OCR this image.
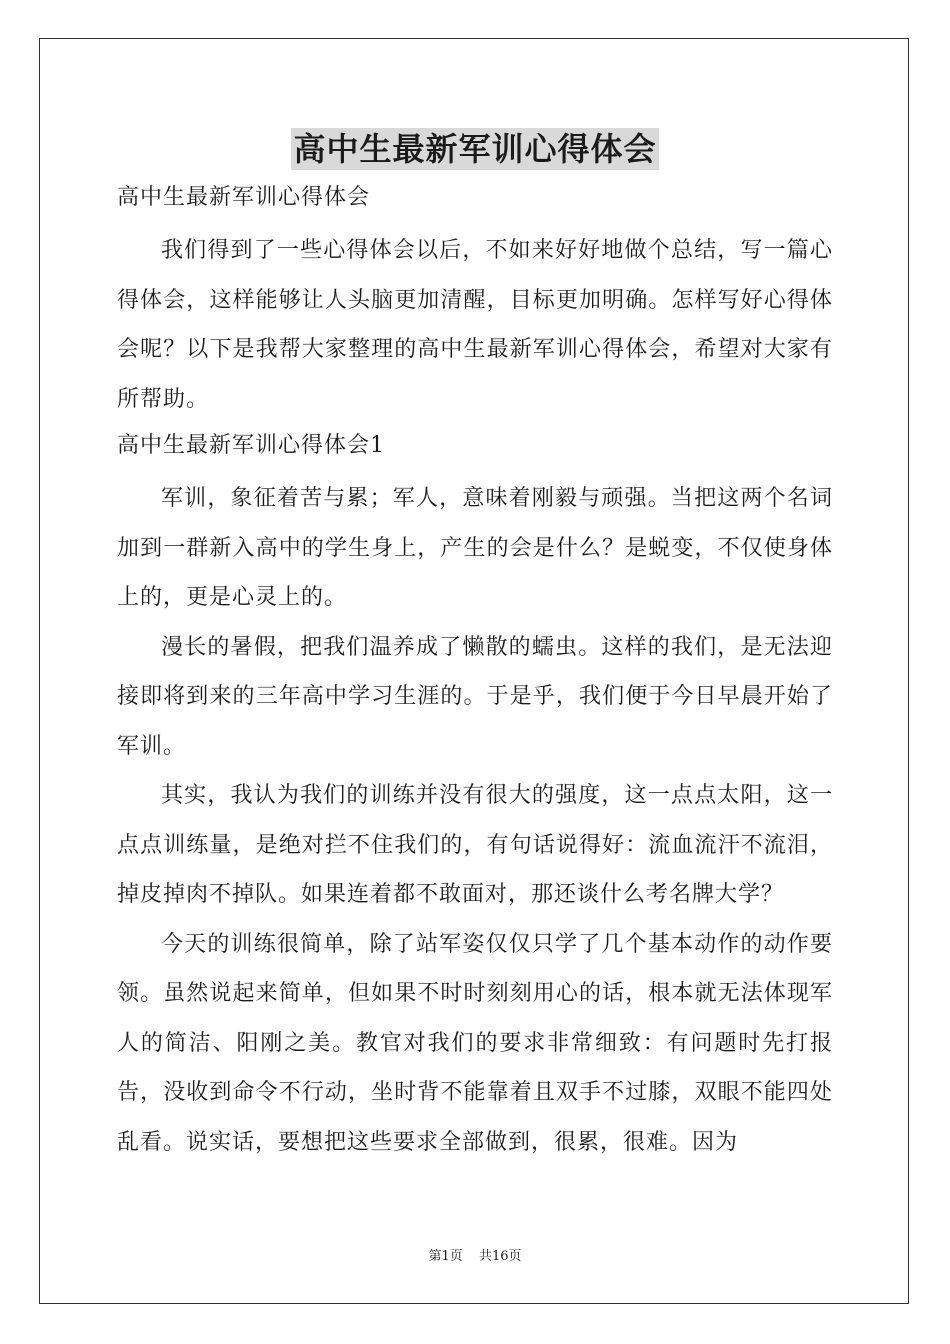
高中生最新军训心得体会

高中生最新军训心得体会

我们得到了一些心得体会以后，不如来好好地做个总结，写一篇心得体会，这样能够让人头脑更加清醒，目标更加明确。怎样写好心得体会呢？以下是我帮大家整理的高中生最新军训心得体会，希望对大家有所帮助。

高中生最新军训心得体会1

军训，象征着苦与累；军人，意味着刚毅与顽强。当把这两个名词加到一群新入高中的学生身上，产生的会是什么？是蜕变，不仅使身体上的，更是心灵上的。

漫长的暑假，把我们温养成了懒散的蠕虫。这样的我们，是无法迎接即将到来的三年高中学习生涯的。于是乎，我们便于今日早晨开始了军训。

其实，我认为我们的训练并没有很大的强度，这一点点太阳，这一点点训练量，是绝对拦不住我们的，有句话说得好：流血流汗不流泪，掉皮掉肉不掉队。如果连着都不敢面对，那还谈什么考名牌大学？

今天的训练很简单，除了站军姿仅仅只学了几个基本动作的动作要领。虽然说起来简单，但如果不时时刻刻用心的话，根本就无法体现军人的简洁、阳刚之美。教官对我们的要求非常细致：有问题时先打报告，没收到命令不行动，坐时背不能靠着且双手不过膝，双眼不能四处乱看。说实话，要想把这些要求全部做到，很累，很难。因为

第1页 共16页
